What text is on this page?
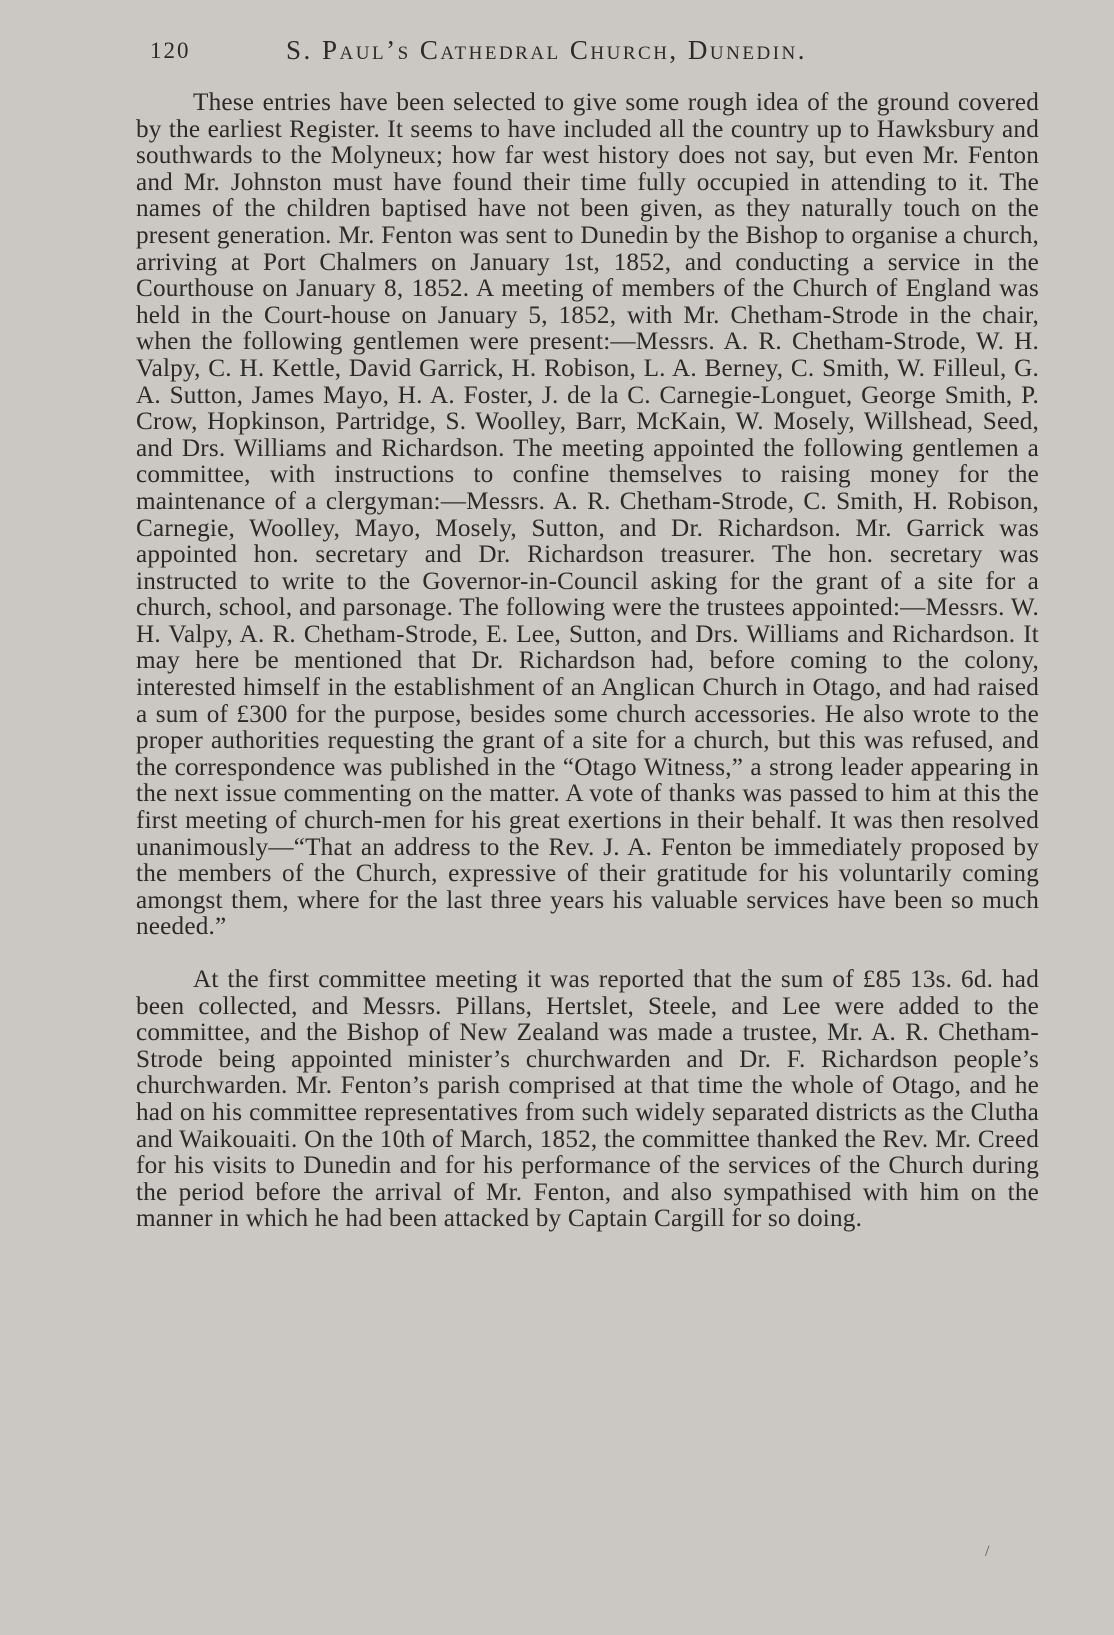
120	S. Paul’s Cathedral Church, Dunedin.

These entries have been selected to give some rough idea of the ground covered by the earliest Register. It seems to have included all the country up to Hawksbury and southwards to the Molyneux; how far west history does not say, but even Mr. Fenton and Mr. Johnston must have found their time fully occupied in attending to it. The names of the children baptised have not been given, as they naturally touch on the present generation. Mr. Fenton was sent to Dunedin by the Bishop to organise a church, arriving at Port Chalmers on January 1st, 1852, and conducting a service in the Courthouse on January 8, 1852. A meeting of members of the Church of England was held in the Court-house on January 5, 1852, with Mr. Chetham-Strode in the chair, when the following gentlemen were present:—Messrs. A. R. Chetham-Strode, W. H. Valpy, C. H. Kettle, David Garrick, H. Robison, L. A. Berney, C. Smith, W. Filleul, G. A. Sutton, James Mayo, H. A. Foster, J. de la C. Carnegie-Longuet, George Smith, P. Crow, Hopkinson, Partridge, S. Woolley, Barr, McKain, W. Mosely, Willshead, Seed, and Drs. Williams and Richardson. The meeting appointed the following gentlemen a committee, with instructions to confine themselves to raising money for the maintenance of a clergyman:—Messrs. A. R. Chetham-Strode, C. Smith, H. Robison, Carnegie, Woolley, Mayo, Mosely, Sutton, and Dr. Richardson. Mr. Garrick was appointed hon. secretary and Dr. Richardson treasurer. The hon. secretary was instructed to write to the Governor-in-Council asking for the grant of a site for a church, school, and parsonage. The following were the trustees appointed:—Messrs. W. H. Valpy, A. R. Chetham-Strode, E. Lee, Sutton, and Drs. Williams and Richardson. It may here be mentioned that Dr. Richardson had, before coming to the colony, interested himself in the establishment of an Anglican Church in Otago, and had raised a sum of £300 for the purpose, besides some church accessories. He also wrote to the proper authorities requesting the grant of a site for a church, but this was refused, and the correspondence was published in the “Otago Witness,” a strong leader appearing in the next issue commenting on the matter. A vote of thanks was passed to him at this the first meeting of church-men for his great exertions in their behalf. It was then resolved unanimously—“That an address to the Rev. J. A. Fenton be immediately proposed by the members of the Church, expressive of their gratitude for his voluntarily coming amongst them, where for the last three years his valuable services have been so much needed.”

At the first committee meeting it was reported that the sum of £85 13s. 6d. had been collected, and Messrs. Pillans, Hertslet, Steele, and Lee were added to the committee, and the Bishop of New Zealand was made a trustee, Mr. A. R. Chetham-Strode being appointed minister’s churchwarden and Dr. F. Richardson people’s churchwarden. Mr. Fenton’s parish comprised at that time the whole of Otago, and he had on his committee representatives from such widely separated districts as the Clutha and Waikouaiti. On the 10th of March, 1852, the committee thanked the Rev. Mr. Creed for his visits to Dunedin and for his performance of the services of the Church during the period before the arrival of Mr. Fenton, and also sympathised with him on the manner in which he had been attacked by Captain Cargill for so doing.

/
